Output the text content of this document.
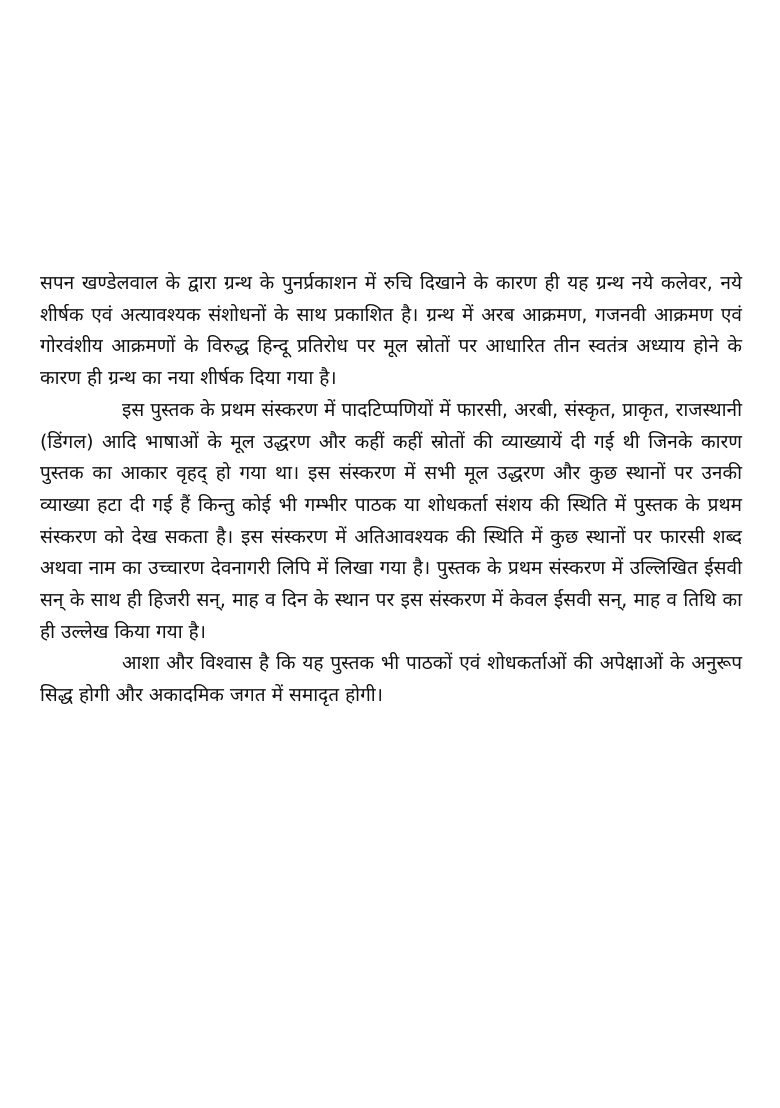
सपन खण्डेलवाल के द्वारा ग्रन्थ के पुनर्प्रकाशन में रुचि दिखाने के कारण ही यह ग्रन्थ नये कलेवर, नये शीर्षक एवं अत्यावश्यक संशोधनों के साथ प्रकाशित है। ग्रन्थ में अरब आक्रमण, गजनवी आक्रमण एवं गोरवंशीय आक्रमणों के विरुद्ध हिन्दू प्रतिरोध पर मूल स्रोतों पर आधारित तीन स्वतंत्र अध्याय होने के कारण ही ग्रन्थ का नया शीर्षक दिया गया है।

इस पुस्तक के प्रथम संस्करण में पादटिप्पणियों में फारसी, अरबी, संस्कृत, प्राकृत, राजस्थानी (डिंगल) आदि भाषाओं के मूल उद्धरण और कहीं कहीं स्रोतों की व्याख्यायें दी गई थी जिनके कारण पुस्तक का आकार वृहद् हो गया था। इस संस्करण में सभी मूल उद्धरण और कुछ स्थानों पर उनकी व्याख्या हटा दी गई हैं किन्तु कोई भी गम्भीर पाठक या शोधकर्ता संशय की स्थिति में पुस्तक के प्रथम संस्करण को देख सकता है। इस संस्करण में अतिआवश्यक की स्थिति में कुछ स्थानों पर फारसी शब्द अथवा नाम का उच्चारण देवनागरी लिपि में लिखा गया है। पुस्तक के प्रथम संस्करण में उल्लिखित ईसवी सन् के साथ ही हिजरी सन्, माह व दिन के स्थान पर इस संस्करण में केवल ईसवी सन्, माह व तिथि का ही उल्लेख किया गया है।

आशा और विश्वास है कि यह पुस्तक भी पाठकों एवं शोधकर्ताओं की अपेक्षाओं के अनुरूप सिद्ध होगी और अकादमिक जगत में समादृत होगी।
